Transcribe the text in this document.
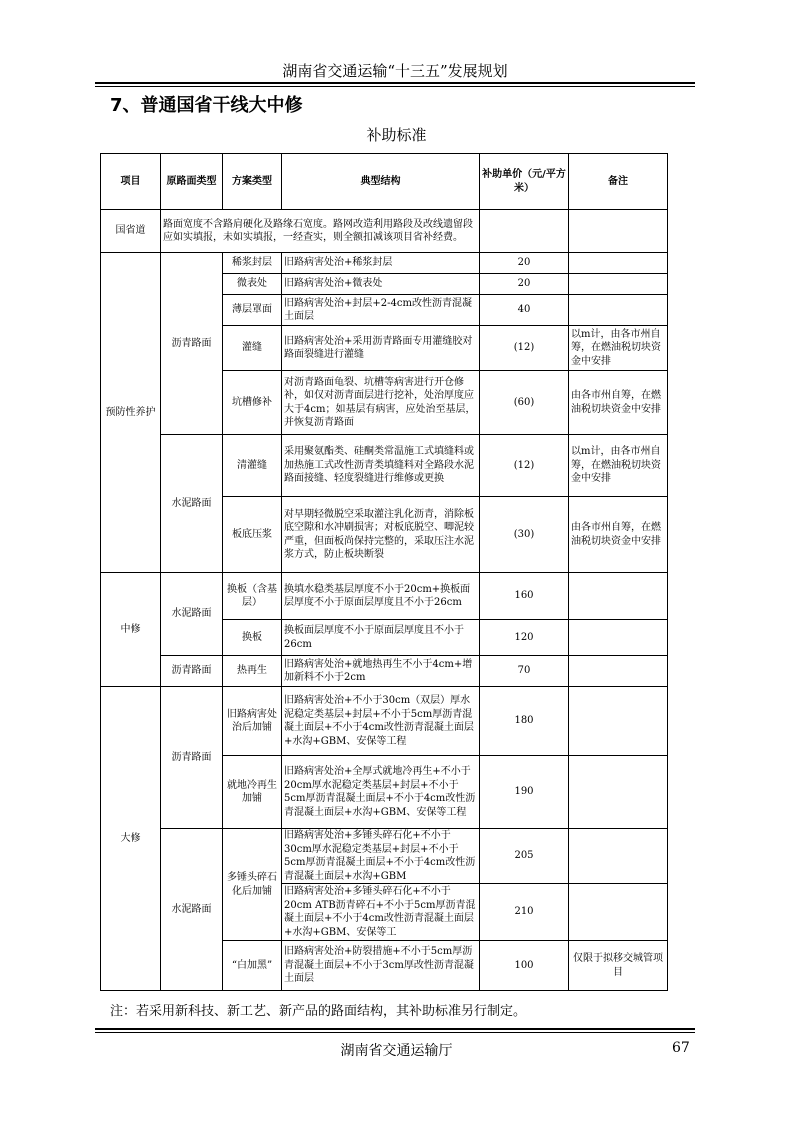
湖南省交通运输“十三五”发展规划
7、普通国省干线大中修
补助标准
项目	原路面类型	方案类型	典型结构	补助单价（元/平方米）	备注
国省道	路面宽度不含路肩硬化及路缘石宽度。路网改造利用路段及改线遗留段应如实填报，未如实填报，一经查实，则全额扣减该项目省补经费。				
预防性养护	沥青路面	稀浆封层	旧路病害处治+稀浆封层	20	
		微表处	旧路病害处治+微表处	20	
		薄层罩面	旧路病害处治+封层+2-4cm改性沥青混凝土面层	40	
		灌缝	旧路病害处治+采用沥青路面专用灌缝胶对路面裂缝进行灌缝	(12)	以m计，由各市州自筹，在燃油税切块资金中安排
		坑槽修补	对沥青路面龟裂、坑槽等病害进行开仓修补，如仅对沥青面层进行挖补，处治厚度应大于4cm；如基层有病害，应处治至基层，并恢复沥青路面	(60)	由各市州自筹，在燃油税切块资金中安排
	水泥路面	清灌缝	采用聚氨酯类、硅酮类常温施工式填缝料或加热施工式改性沥青类填缝料对全路段水泥路面接缝、轻度裂缝进行维修或更换	(12)	以m计，由各市州自筹，在燃油税切块资金中安排
		板底压浆	对早期轻微脱空采取灌注乳化沥青，消除板底空隙和水冲刷损害；对板底脱空、唧泥较严重，但面板尚保持完整的，采取压注水泥浆方式，防止板块断裂	(30)	由各市州自筹，在燃油税切块资金中安排
中修	水泥路面	换板（含基层）	换填水稳类基层厚度不小于20cm+换板面层厚度不小于原面层厚度且不小于26cm	160	
		换板	换板面层厚度不小于原面层厚度且不小于26cm	120	
	沥青路面	热再生	旧路病害处治+就地热再生不小于4cm+增加新料不小于2cm	70	
大修	沥青路面	旧路病害处治后加铺	旧路病害处治+不小于30cm（双层）厚水泥稳定类基层+封层+不小于5cm厚沥青混凝土面层+不小于4cm改性沥青混凝土面层+水沟+GBM、安保等工程	180	
		就地冷再生加铺	旧路病害处治+全厚式就地冷再生+不小于20cm厚水泥稳定类基层+封层+不小于5cm厚沥青混凝土面层+不小于4cm改性沥青混凝土面层+水沟+GBM、安保等工程	190	
	水泥路面	多锤头碎石化后加铺	旧路病害处治+多锤头碎石化+不小于30cm厚水泥稳定类基层+封层+不小于5cm厚沥青混凝土面层+不小于4cm改性沥青混凝土面层+水沟+GBM	205	
			旧路病害处治+多锤头碎石化+不小于20cm ATB沥青碎石+不小于5cm厚沥青混凝土面层+不小于4cm改性沥青混凝土面层+水沟+GBM、安保等工	210	
		“白加黑”	旧路病害处治+防裂措施+不小于5cm厚沥青混凝土面层+不小于3cm厚改性沥青混凝土面层	100	仅限于拟移交城管项目
注：若采用新科技、新工艺、新产品的路面结构，其补助标准另行制定。
湖南省交通运输厅	67
